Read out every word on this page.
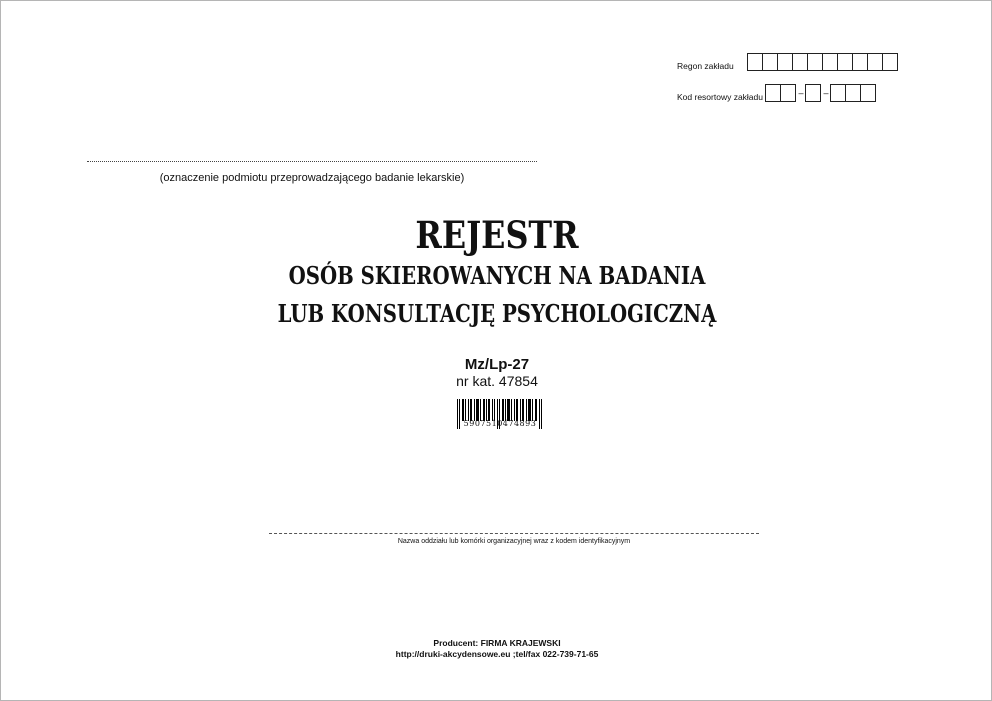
Regon zakładu
Kod resortowy zakładu	– –
(oznaczenie podmiotu przeprowadzającego badanie lekarskie)
REJESTR
OSÓB SKIEROWANYCH NA BADANIA
LUB KONSULTACJĘ PSYCHOLOGICZNĄ
Mz/Lp-27
nr kat. 47854
5907510474893
Nazwa oddziału lub komórki organizacyjnej wraz z kodem identyfikacyjnym
Producent: FIRMA KRAJEWSKI
http://druki-akcydensowe.eu ;tel/fax 022-739-71-65
